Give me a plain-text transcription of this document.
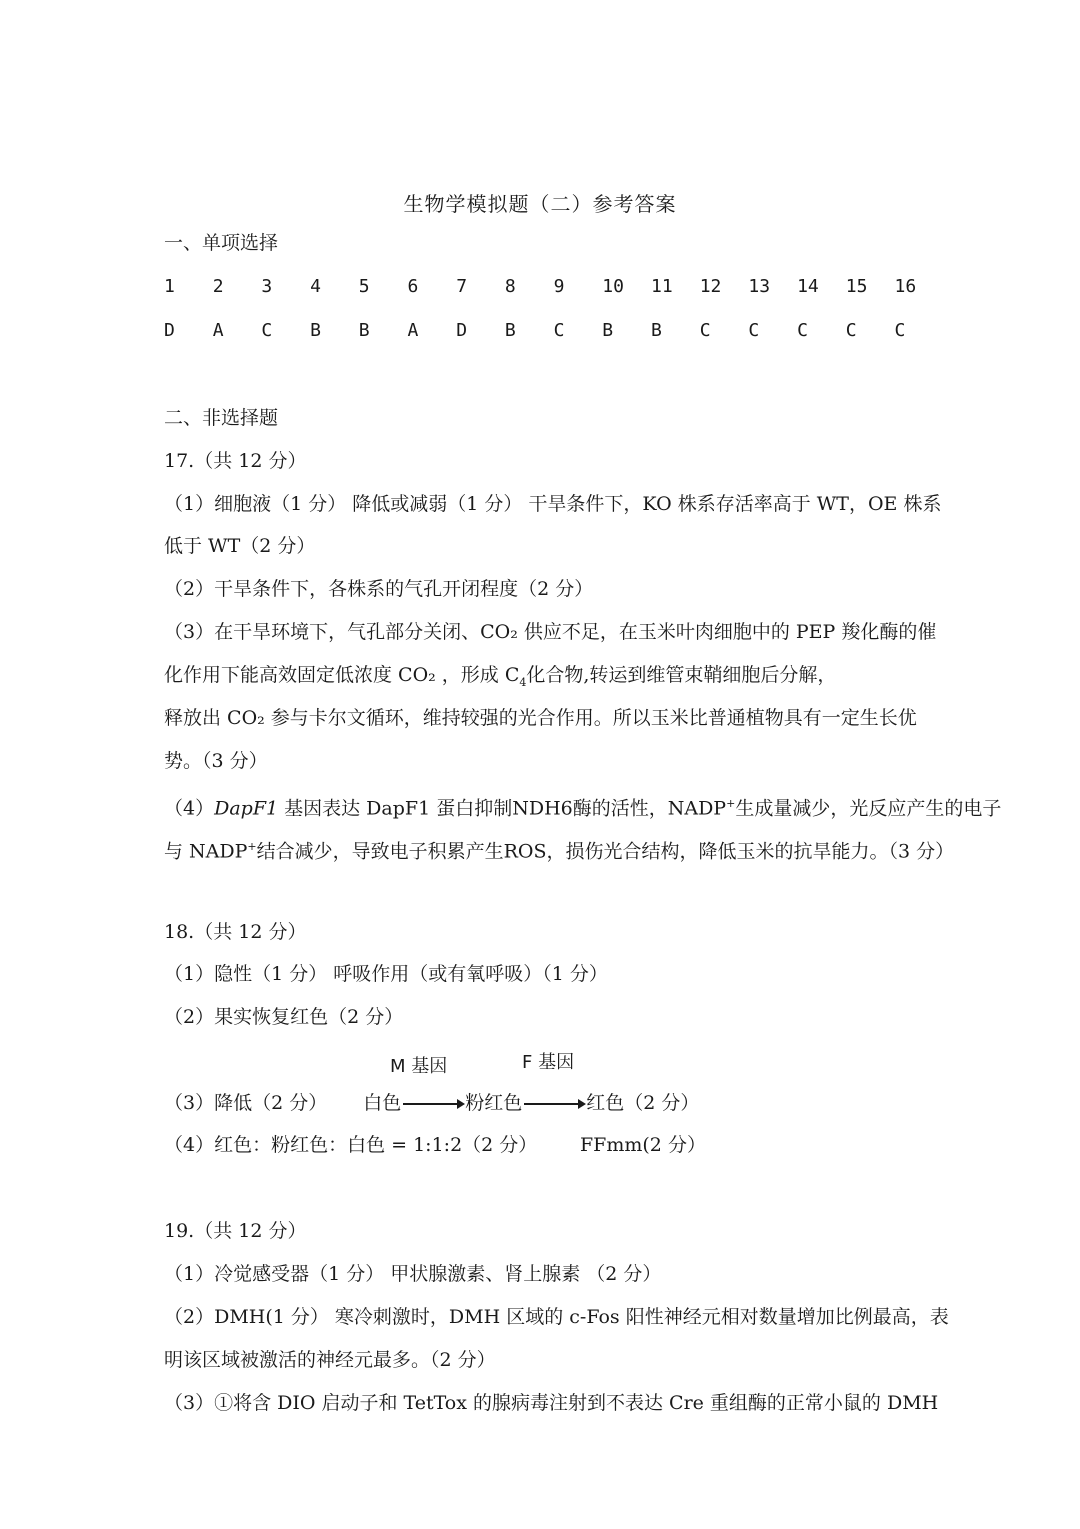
生物学模拟题（二）参考答案
一、单项选择
1	2	3	4	5	6	7	8	9	10	11	12	13	14	15	16
D	A	C	B	B	A	D	B	C	B	B	C	C	C	C	C
二、非选择题
17.（共 12 分）
（1）细胞液（1 分） 降低或减弱（1 分） 干旱条件下，KO 株系存活率高于 WT，OE 株系
低于 WT（2 分）
（2）干旱条件下，各株系的气孔开闭程度（2 分）
（3）在干旱环境下，气孔部分关闭、CO₂ 供应不足，在玉米叶肉细胞中的 PEP 羧化酶的催
化作用下能高效固定低浓度 CO₂ ，形成 $C_4$化合物,转运到维管束鞘细胞后分解，
释放出 CO₂ 参与卡尔文循环，维持较强的光合作用。所以玉米比普通植物具有一定生长优
势。（3 分）
（4）DapF1 基因表达 DapF1 蛋白抑制NDH6酶的活性，NADP+生成量减少，光反应产生的电子
与 NADP+结合减少，导致电子积累产生ROS，损伤光合结构，降低玉米的抗旱能力。（3 分）
18.（共 12 分）
（1）隐性（1 分） 呼吸作用（或有氧呼吸）（1 分）
（2）果实恢复红色（2 分）
M 基因	F 基因
（3）降低（2 分） 白色	粉红色	红色（2 分）
（4）红色：粉红色：白色 = 1:1:2（2 分） FFmm(2 分）
19.（共 12 分）
（1）冷觉感受器（1 分） 甲状腺激素、肾上腺素 （2 分）
（2）DMH(1 分） 寒冷刺激时，DMH 区域的 c-Fos 阳性神经元相对数量增加比例最高，表
明该区域被激活的神经元最多。（2 分）
（3）①将含 DIO 启动子和 TetTox 的腺病毒注射到不表达 Cre 重组酶的正常小鼠的 DMH
